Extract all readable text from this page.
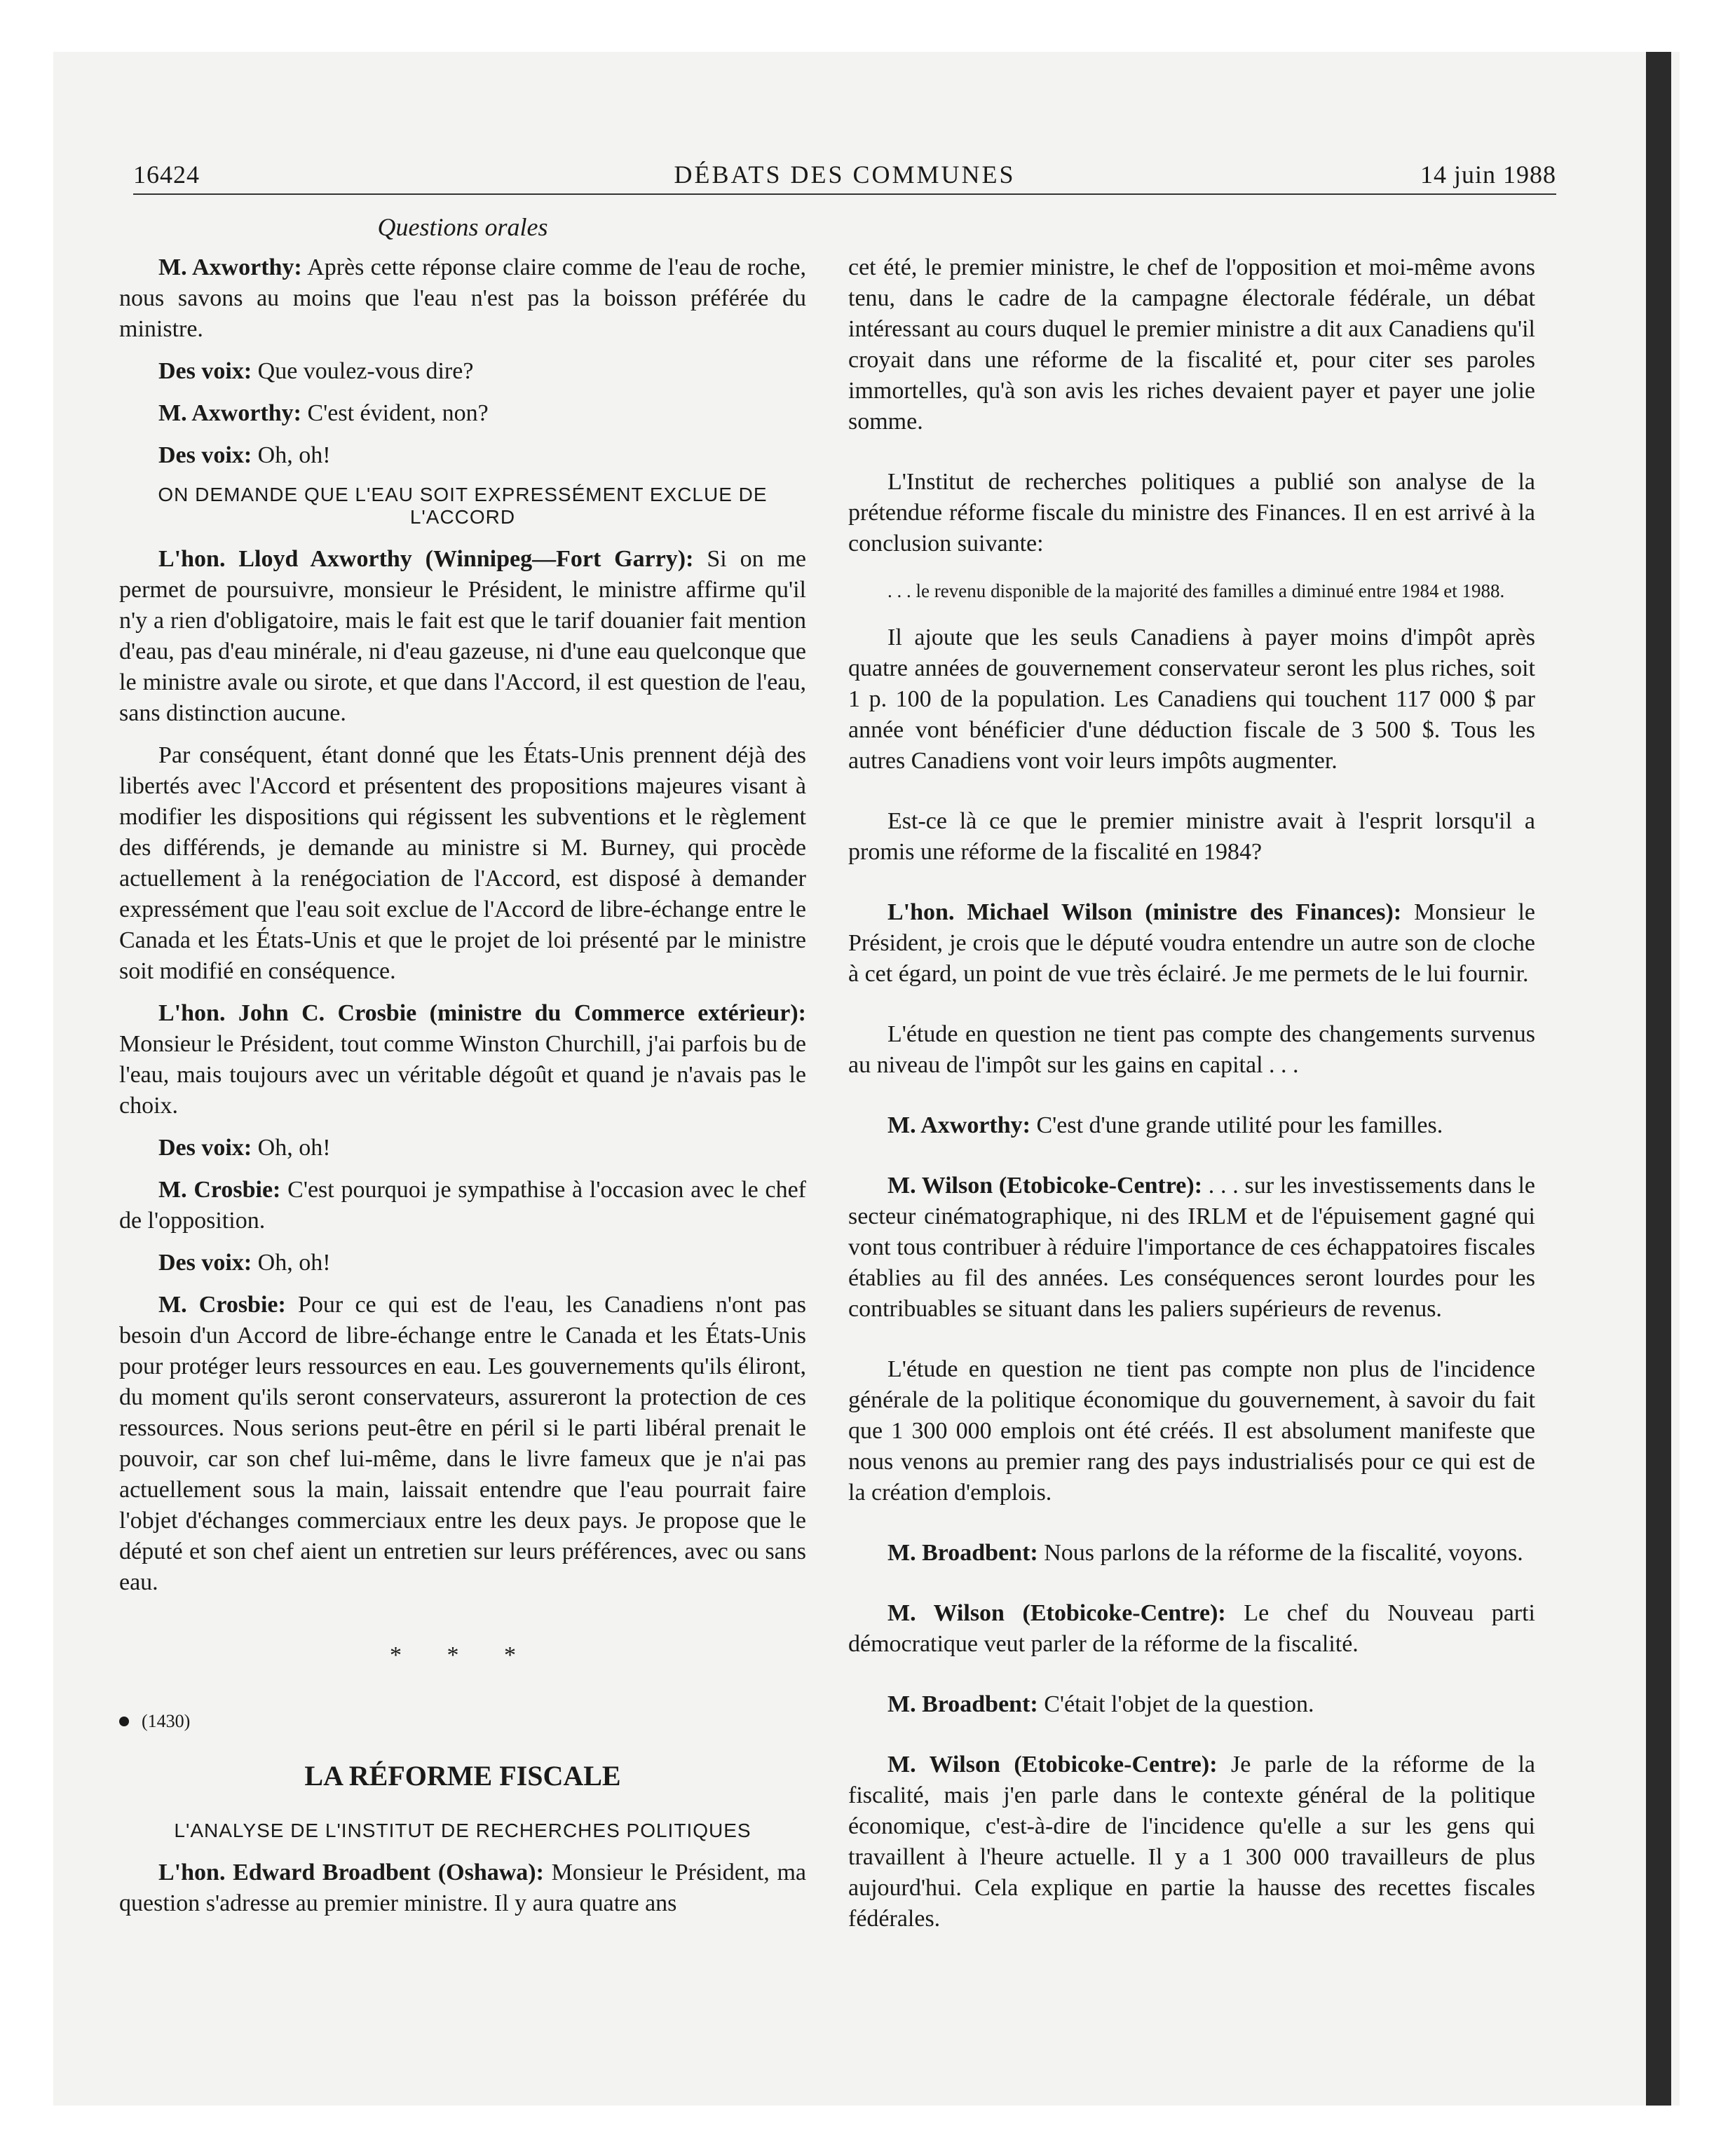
16424	DÉBATS DES COMMUNES	14 juin 1988
Questions orales

M. Axworthy: Après cette réponse claire comme de l'eau de roche, nous savons au moins que l'eau n'est pas la boisson préférée du ministre.

Des voix: Que voulez-vous dire?

M. Axworthy: C'est évident, non?

Des voix: Oh, oh!

ON DEMANDE QUE L'EAU SOIT EXPRESSÉMENT EXCLUE DE L'ACCORD

L'hon. Lloyd Axworthy (Winnipeg—Fort Garry): Si on me permet de poursuivre, monsieur le Président, le ministre affirme qu'il n'y a rien d'obligatoire, mais le fait est que le tarif douanier fait mention d'eau, pas d'eau minérale, ni d'eau gazeuse, ni d'une eau quelconque que le ministre avale ou sirote, et que dans l'Accord, il est question de l'eau, sans distinction aucune.

Par conséquent, étant donné que les États-Unis prennent déjà des libertés avec l'Accord et présentent des propositions majeures visant à modifier les dispositions qui régissent les subventions et le règlement des différends, je demande au ministre si M. Burney, qui procède actuellement à la renégociation de l'Accord, est disposé à demander expressément que l'eau soit exclue de l'Accord de libre-échange entre le Canada et les États-Unis et que le projet de loi présenté par le ministre soit modifié en conséquence.

L'hon. John C. Crosbie (ministre du Commerce extérieur): Monsieur le Président, tout comme Winston Churchill, j'ai parfois bu de l'eau, mais toujours avec un véritable dégoût et quand je n'avais pas le choix.

Des voix: Oh, oh!

M. Crosbie: C'est pourquoi je sympathise à l'occasion avec le chef de l'opposition.

Des voix: Oh, oh!

M. Crosbie: Pour ce qui est de l'eau, les Canadiens n'ont pas besoin d'un Accord de libre-échange entre le Canada et les États-Unis pour protéger leurs ressources en eau. Les gouvernements qu'ils éliront, du moment qu'ils seront conservateurs, assureront la protection de ces ressources. Nous serions peut-être en péril si le parti libéral prenait le pouvoir, car son chef lui-même, dans le livre fameux que je n'ai pas actuellement sous la main, laissait entendre que l'eau pourrait faire l'objet d'échanges commerciaux entre les deux pays. Je propose que le député et son chef aient un entretien sur leurs préférences, avec ou sans eau.

* * *
(1430)
LA RÉFORME FISCALE
L'ANALYSE DE L'INSTITUT DE RECHERCHES POLITIQUES

L'hon. Edward Broadbent (Oshawa): Monsieur le Président, ma question s'adresse au premier ministre. Il y aura quatre ans

cet été, le premier ministre, le chef de l'opposition et moi-même avons tenu, dans le cadre de la campagne électorale fédérale, un débat intéressant au cours duquel le premier ministre a dit aux Canadiens qu'il croyait dans une réforme de la fiscalité et, pour citer ses paroles immortelles, qu'à son avis les riches devaient payer et payer une jolie somme.

L'Institut de recherches politiques a publié son analyse de la prétendue réforme fiscale du ministre des Finances. Il en est arrivé à la conclusion suivante:

. . . le revenu disponible de la majorité des familles a diminué entre 1984 et 1988.

Il ajoute que les seuls Canadiens à payer moins d'impôt après quatre années de gouvernement conservateur seront les plus riches, soit 1 p. 100 de la population. Les Canadiens qui touchent 117 000 $ par année vont bénéficier d'une déduction fiscale de 3 500 $. Tous les autres Canadiens vont voir leurs impôts augmenter.

Est-ce là ce que le premier ministre avait à l'esprit lorsqu'il a promis une réforme de la fiscalité en 1984?

L'hon. Michael Wilson (ministre des Finances): Monsieur le Président, je crois que le député voudra entendre un autre son de cloche à cet égard, un point de vue très éclairé. Je me permets de le lui fournir.

L'étude en question ne tient pas compte des changements survenus au niveau de l'impôt sur les gains en capital . . .

M. Axworthy: C'est d'une grande utilité pour les familles.

M. Wilson (Etobicoke-Centre): . . . sur les investissements dans le secteur cinématographique, ni des IRLM et de l'épuisement gagné qui vont tous contribuer à réduire l'importance de ces échappatoires fiscales établies au fil des années. Les conséquences seront lourdes pour les contribuables se situant dans les paliers supérieurs de revenus.

L'étude en question ne tient pas compte non plus de l'incidence générale de la politique économique du gouvernement, à savoir du fait que 1 300 000 emplois ont été créés. Il est absolument manifeste que nous venons au premier rang des pays industrialisés pour ce qui est de la création d'emplois.

M. Broadbent: Nous parlons de la réforme de la fiscalité, voyons.

M. Wilson (Etobicoke-Centre): Le chef du Nouveau parti démocratique veut parler de la réforme de la fiscalité.

M. Broadbent: C'était l'objet de la question.

M. Wilson (Etobicoke-Centre): Je parle de la réforme de la fiscalité, mais j'en parle dans le contexte général de la politique économique, c'est-à-dire de l'incidence qu'elle a sur les gens qui travaillent à l'heure actuelle. Il y a 1 300 000 travailleurs de plus aujourd'hui. Cela explique en partie la hausse des recettes fiscales fédérales.
